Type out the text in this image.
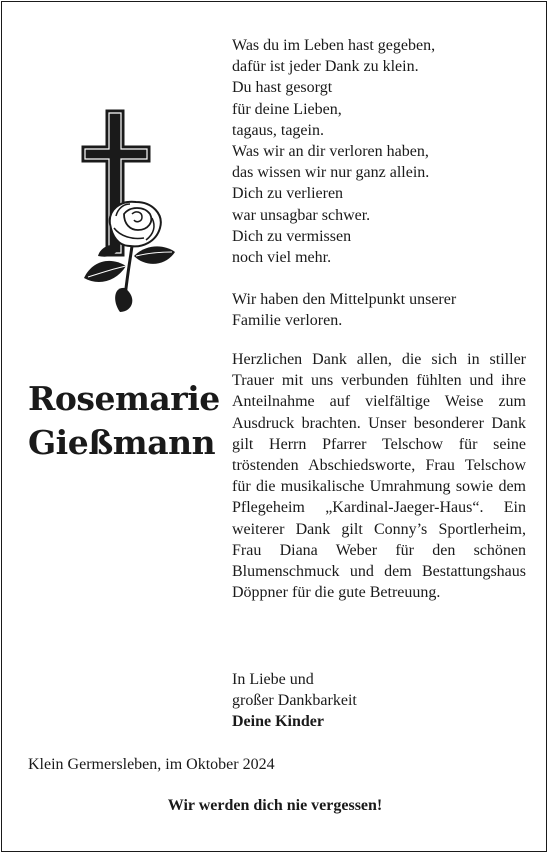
Was du im Leben hast gegeben,
dafür ist jeder Dank zu klein.
Du hast gesorgt
für deine Lieben,
tagaus, tagein.
Was wir an dir verloren haben,
das wissen wir nur ganz allein.
Dich zu verlieren
war unsagbar schwer.
Dich zu vermissen
noch viel mehr.
Wir haben den Mittelpunkt unserer
Familie verloren.
Herzlichen Dank allen, die sich in stiller Trauer mit uns verbunden fühlten und ihre Anteilnahme auf vielfältige Weise zum Ausdruck brachten. Unser besonderer Dank gilt Herrn Pfarrer Telschow für seine tröstenden Abschiedsworte, Frau Telschow für die musikalische Umrahmung sowie dem Pflegeheim „Kardinal-Jaeger-Haus“. Ein weiterer Dank gilt Conny’s Sportlerheim, Frau Diana Weber für den schönen Blumenschmuck und dem Bestattungshaus Döppner für die gute Betreuung.
In Liebe und
großer Dankbarkeit
Deine Kinder
Rosemarie
Gießmann
Klein Germersleben, im Oktober 2024
Wir werden dich nie vergessen!
